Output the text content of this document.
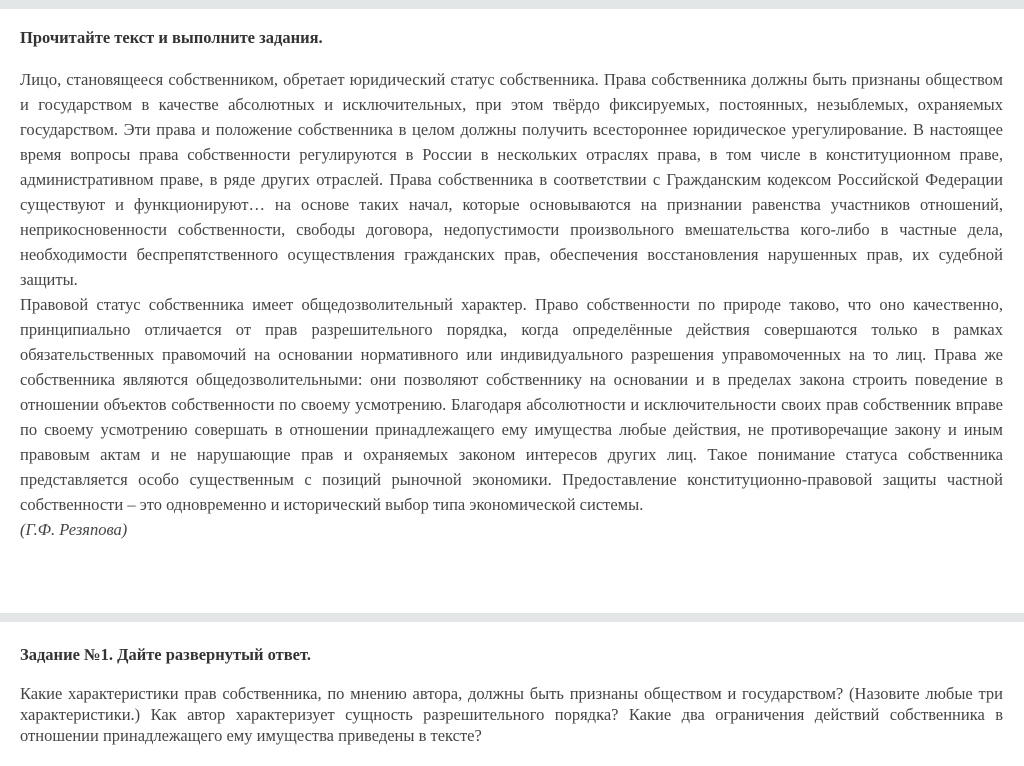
Прочитайте текст и выполните задания.

Лицо, становящееся собственником, обретает юридический статус собственника. Права собственника должны быть признаны обществом и государством в качестве абсолютных и исключительных, при этом твёрдо фиксируемых, постоянных, незыблемых, охраняемых государством. Эти права и положение собственника в целом должны получить всестороннее юридическое урегулирование. В настоящее время вопросы права собственности регулируются в России в нескольких отраслях права, в том числе в конституционном праве, административном праве, в ряде других отраслей. Права собственника в соответствии с Гражданским кодексом Российской Федерации существуют и функционируют… на основе таких начал, которые основываются на признании равенства участников отношений, неприкосновенности собственности, свободы договора, недопустимости произвольного вмешательства кого-либо в частные дела, необходимости беспрепятственного осуществления гражданских прав, обеспечения восстановления нарушенных прав, их судебной защиты.

Правовой статус собственника имеет общедозволительный характер. Право собственности по природе таково, что оно качественно, принципиально отличается от прав разрешительного порядка, когда определённые действия совершаются только в рамках обязательственных правомочий на основании нормативного или индивидуального разрешения управомоченных на то лиц. Права же собственника являются общедозволительными: они позволяют собственнику на основании и в пределах закона строить поведение в отношении объектов собственности по своему усмотрению. Благодаря абсолютности и исключительности своих прав собственник вправе по своему усмотрению совершать в отношении принадлежащего ему имущества любые действия, не противоречащие закону и иным правовым актам и не нарушающие прав и охраняемых законом интересов других лиц. Такое понимание статуса собственника представляется особо существенным с позиций рыночной экономики. Предоставление конституционно-правовой защиты частной собственности – это одновременно и исторический выбор типа экономической системы.

(Г.Ф. Резяпова)

Задание №1. Дайте развернутый ответ.

Какие характеристики прав собственника, по мнению автора, должны быть признаны обществом и государством? (Назовите любые три характеристики.) Как автор характеризует сущность разрешительного порядка? Какие два ограничения действий собственника в отношении принадлежащего ему имущества приведены в тексте?
